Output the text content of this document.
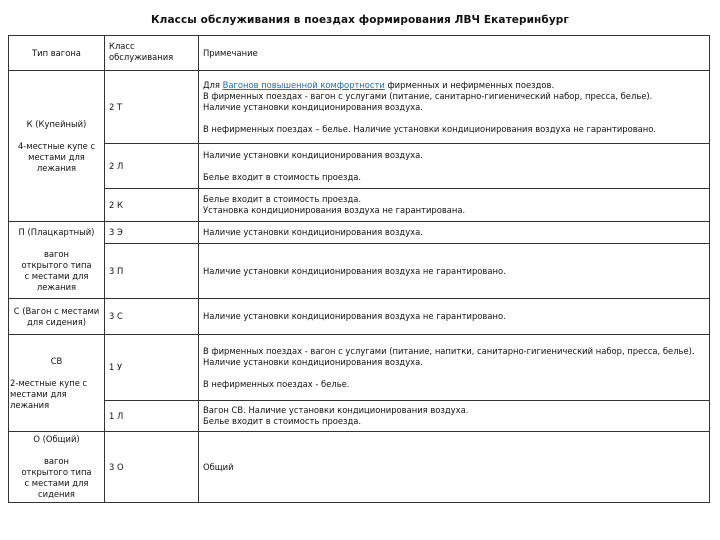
Классы обслуживания в поездах формирования ЛВЧ Екатеринбург
Тип вагона	Класс обслуживания	Примечание

К (Купейный)
4-местные купе с местами для лежания	2 Т	Для Вагонов повышенной комфортности фирменных и нефирменных поездов.
В фирменных поездах - вагон с услугами (питание, санитарно-гигиенический набор, пресса, белье).
Наличие установки кондиционирования воздуха.
В нефирменных поездах – белье. Наличие установки кондиционирования воздуха не гарантировано.

	2 Л	Наличие установки кондиционирования воздуха.
Белье входит в стоимость проезда.

	2 К	Белье входит в стоимость проезда.
Установка кондиционирования воздуха не гарантирована.

П (Плацкартный)
вагон открытого типа с местами для лежания	3 Э	Наличие установки кондиционирования воздуха.
	3 П	Наличие установки кондиционирования воздуха не гарантировано.
С (Вагон с местами для сидения)	3 С	Наличие установки кондиционирования воздуха не гарантировано.

СВ
2-местные купе с местами для лежания	1 У	В фирменных поездах - вагон с услугами (питание, напитки, санитарно-гигиенический набор, пресса, белье).
Наличие установки кондиционирования воздуха.
В нефирменных поездах - белье.

	1 Л	Вагон СВ. Наличие установки кондиционирования воздуха.
Белье входит в стоимость проезда.

О (Общий)
вагон открытого типа с местами для сидения	3 О	Общий
